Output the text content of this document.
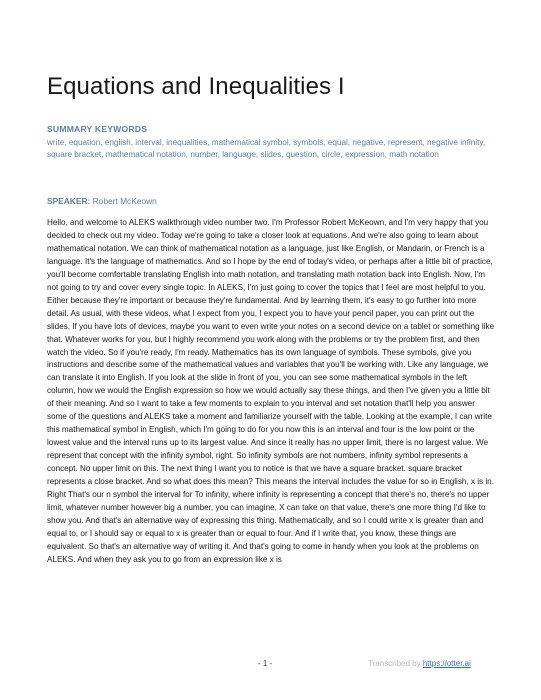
Equations and Inequalities I
SUMMARY KEYWORDS
write, equation, english, interval, inequalities, mathematical symbol, symbols, equal, negative, represent, negative infinity, square bracket, mathematical notation, number, language, slides, question, circle, expression, math notation
SPEAKER: Robert McKeown
Hello, and welcome to ALEKS walkthrough video number two. I'm Professor Robert McKeown, and I'm very happy that you decided to check out my video. Today we're going to take a closer look at equations. And we're also going to learn about mathematical notation. We can think of mathematical notation as a language, just like English, or Mandarin, or French is a language. It's the language of mathematics. And so I hope by the end of today's video, or perhaps after a little bit of practice, you'll become comfortable translating English into math notation, and translating math notation back into English. Now, I'm not going to try and cover every single topic. In ALEKS, I'm just going to cover the topics that I feel are most helpful to you. Either because they're important or because they're fundamental. And by learning them, it's easy to go further into more detail. As usual, with these videos, what I expect from you, I expect you to have your pencil paper, you can print out the slides. If you have lots of devices, maybe you want to even write your notes on a second device on a tablet or something like that. Whatever works for you, but I highly recommend you work along with the problems or try the problem first, and then watch the video. So if you're ready, I'm ready. Mathematics has its own language of symbols. These symbols, give you instructions and describe some of the mathematical values and variables that you'll be working with. Like any language, we can translate it into English. If you look at the slide in front of you, you can see some mathematical symbols in the left column, how we would the English expression so how we would actually say these things, and then I've given you a little bit of their meaning. And so I want to take a few moments to explain to you interval and set notation that'll help you answer some of the questions and ALEKS take a moment and familiarize yourself with the table. Looking at the example, I can write this mathematical symbol in English, which I'm going to do for you now this is an interval and four is the low point or the lowest value and the interval runs up to its largest value. And since it really has no upper limit, there is no largest value. We represent that concept with the infinity symbol, right. So infinity symbols are not numbers, infinity symbol represents a concept. No upper limit on this. The next thing I want you to notice is that we have a square bracket. square bracket represents a close bracket. And so what does this mean? This means the interval includes the value for so in English, x is in. Right That's our n symbol the interval for To infinity, where infinity is representing a concept that there's no, there's no upper limit, whatever number however big a number, you can imagine, X can take on that value, there's one more thing I'd like to show you. And that's an alternative way of expressing this thing. Mathematically, and so I could write x is greater than and equal to, or I should say or equal to x is greater than or equal to four. And if I write that, you know, these things are equivalent. So that's an alternative way of writing it. And that's going to come in handy when you look at the problems on ALEKS. And when they ask you to go from an expression like x is
- 1 -	Transcribed by https://otter.ai
